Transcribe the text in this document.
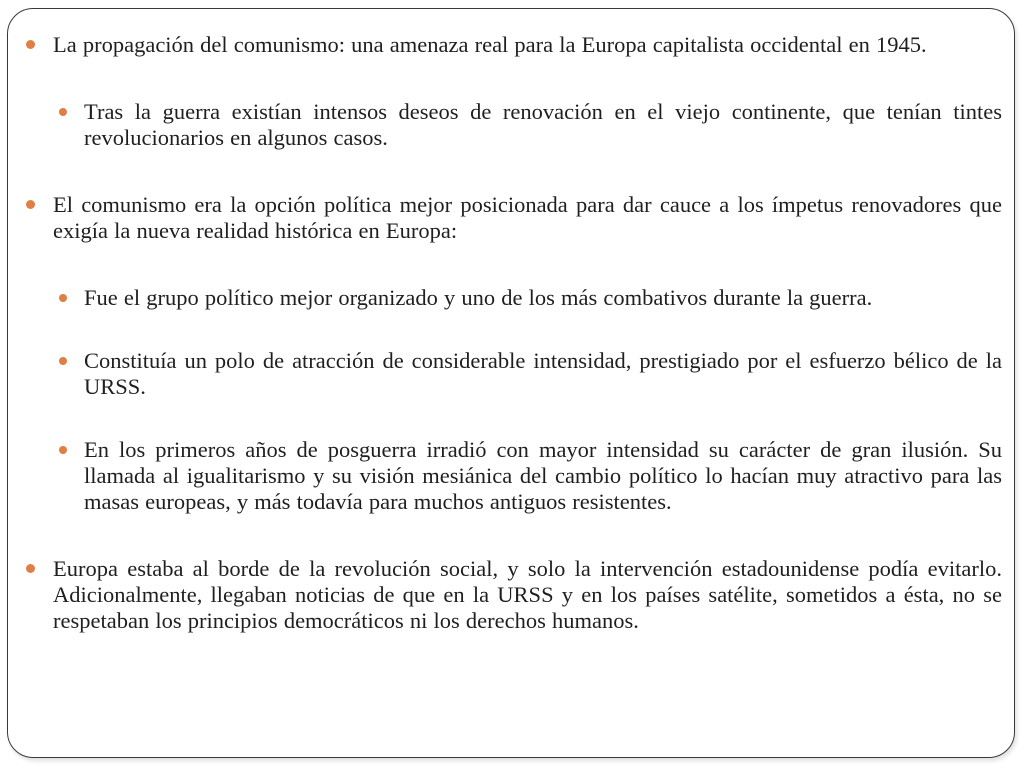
La propagación del comunismo: una amenaza real para la Europa capitalista occidental en 1945.
Tras la guerra existían intensos deseos de renovación en el viejo continente, que tenían tintes revolucionarios en algunos casos.
El comunismo era la opción política mejor posicionada para dar cauce a los ímpetus renovadores que exigía la nueva realidad histórica en Europa:
Fue el grupo político mejor organizado y uno de los más combativos durante la guerra.
Constituía un polo de atracción de considerable intensidad, prestigiado por el esfuerzo bélico de la URSS.
En los primeros años de posguerra irradió con mayor intensidad su carácter de gran ilusión. Su llamada al igualitarismo y su visión mesiánica del cambio político lo hacían muy atractivo para las masas europeas, y más todavía para muchos antiguos resistentes.
Europa estaba al borde de la revolución social, y solo la intervención estadounidense podía evitarlo. Adicionalmente, llegaban noticias de que en la URSS y en los países satélite, sometidos a ésta, no se respetaban los principios democráticos ni los derechos humanos.
